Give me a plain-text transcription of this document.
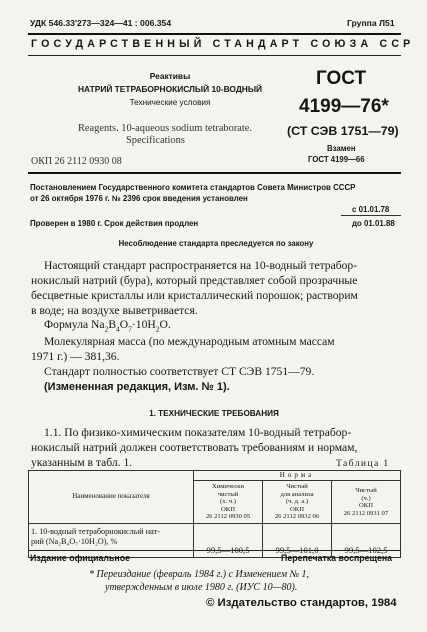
УДК 546.33'273—324—41 : 006.354	Группа Л51
ГОСУДАРСТВЕННЫЙ СТАНДАРТ СОЮЗА ССР
Реактивы
НАТРИЙ ТЕТРАБОРНОКИСЛЫЙ 10-ВОДНЫЙ
Технические условия
Reagents. 10-aqueous sodium tetraborate.
Specifications
ОКП 26 2112 0930 08
ГОСТ
4199—76*
(СТ СЭВ 1751—79)
Взамен
ГОСТ 4199—66
Постановлением Государственного комитета стандартов Совета Министров СССР
от 26 октября 1976 г. № 2396 срок введения установлен
с 01.01.78
Проверен в 1980 г. Срок действия продлен	до 01.01.88
Несоблюдение стандарта преследуется по закону
Настоящий стандарт распространяется на 10-водный тетрабор-
нокислый натрий (бура), который представляет собой прозрачные
бесцветные кристаллы или кристаллический порошок; растворим
в воде; на воздухе выветривается.
Формула $Na_2B_4O_7\cdot 10H_2O$.
Молекулярная масса (по международным атомным массам
1971 г.) — 381,36.
Стандарт полностью соответствует СТ СЭВ 1751—79.
(Измененная редакция, Изм. № 1).
1. ТЕХНИЧЕСКИЕ ТРЕБОВАНИЯ
1.1. По физико-химическим показателям 10-водный тетрабор-
нокислый натрий должен соответствовать требованиям и нормам,
указанным в табл. 1.
Наименование показателя	Норма		

	Химически
чистый
(х. ч.)
ОКП
26 2112 0930 05	Чистый
для анализа
(ч. д. а.)
ОКП
26 2112 0932 06	Чистый
(ч.)
ОКП
26 2112 0931 07

1. 10-водный тетраборнокислый нат-
рий (Na₂B₄O₇·10H₂O), %	99,5—100,5	99,5—101,0	99,5—102,5
Издание официальное	Перепечатка воспрещена
* Переиздание (февраль 1984 г.) с Изменением № 1,
утвержденным в июле 1980 г. (ИУС 10—80).
© Издательство стандартов, 1984
Таблица 1
